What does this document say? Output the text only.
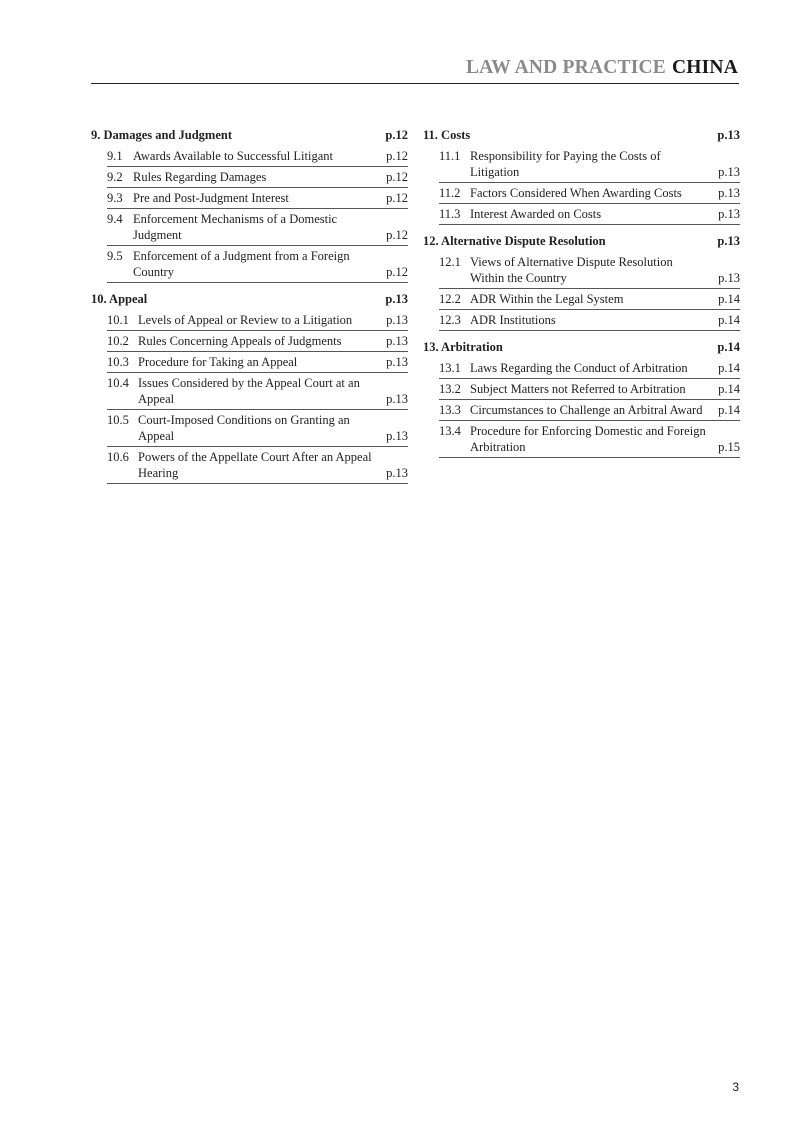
LAW AND PRACTICE CHINA
9. Damages and Judgment	p.12
9.1 Awards Available to Successful Litigant	p.12
9.2 Rules Regarding Damages	p.12
9.3 Pre and Post-Judgment Interest	p.12
9.4 Enforcement Mechanisms of a Domestic Judgment	p.12
9.5 Enforcement of a Judgment from a Foreign Country	p.12
10. Appeal	p.13
10.1 Levels of Appeal or Review to a Litigation	p.13
10.2 Rules Concerning Appeals of Judgments	p.13
10.3 Procedure for Taking an Appeal	p.13
10.4 Issues Considered by the Appeal Court at an Appeal	p.13
10.5 Court-Imposed Conditions on Granting an Appeal	p.13
10.6 Powers of the Appellate Court After an Appeal Hearing	p.13
11. Costs	p.13
11.1 Responsibility for Paying the Costs of Litigation	p.13
11.2 Factors Considered When Awarding Costs	p.13
11.3 Interest Awarded on Costs	p.13
12. Alternative Dispute Resolution	p.13
12.1 Views of Alternative Dispute Resolution Within the Country	p.13
12.2 ADR Within the Legal System	p.14
12.3 ADR Institutions	p.14
13. Arbitration	p.14
13.1 Laws Regarding the Conduct of Arbitration	p.14
13.2 Subject Matters not Referred to Arbitration	p.14
13.3 Circumstances to Challenge an Arbitral Award	p.14
13.4 Procedure for Enforcing Domestic and Foreign Arbitration	p.15
3
